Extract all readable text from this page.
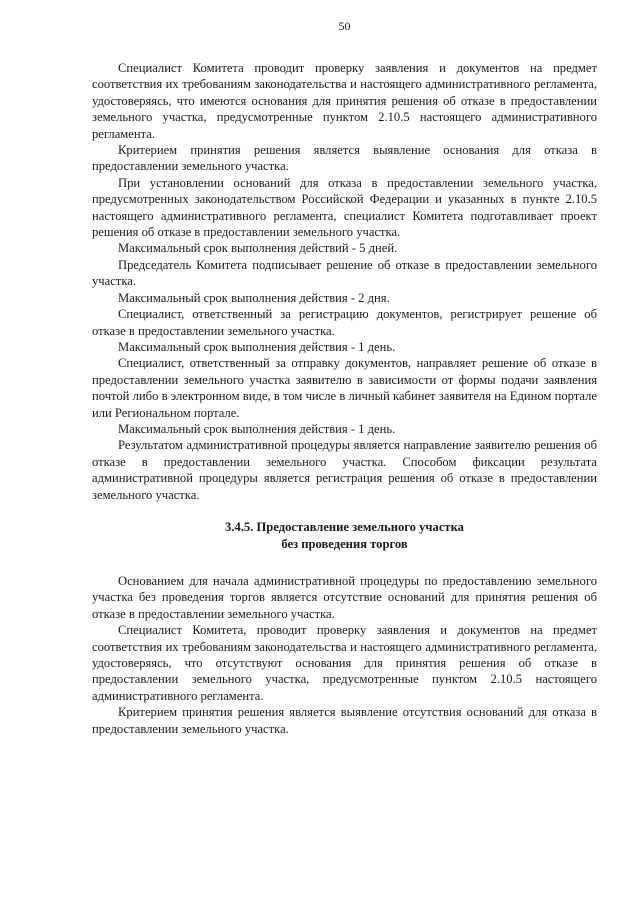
50

Специалист Комитета проводит проверку заявления и документов на предмет соответствия их требованиям законодательства и настоящего административного регламента, удостоверяясь, что имеются основания для принятия решения об отказе в предоставлении земельного участка, предусмотренные пунктом 2.10.5 настоящего административного регламента.

Критерием принятия решения является выявление основания для отказа в предоставлении земельного участка.

При установлении оснований для отказа в предоставлении земельного участка, предусмотренных законодательством Российской Федерации и указанных в пункте 2.10.5 настоящего административного регламента, специалист Комитета подготавливает проект решения об отказе в предоставлении земельного участка.

Максимальный срок выполнения действий - 5 дней.

Председатель Комитета подписывает решение об отказе в предоставлении земельного участка.

Максимальный срок выполнения действия - 2 дня.

Специалист, ответственный за регистрацию документов, регистрирует решение об отказе в предоставлении земельного участка.

Максимальный срок выполнения действия - 1 день.

Специалист, ответственный за отправку документов, направляет решение об отказе в предоставлении земельного участка заявителю в зависимости от формы подачи заявления почтой либо в электронном виде, в том числе в личный кабинет заявителя на Едином портале или Региональном портале.

Максимальный срок выполнения действия - 1 день.

Результатом административной процедуры является направление заявителю решения об отказе в предоставлении земельного участка. Способом фиксации результата административной процедуры является регистрация решения об отказе в предоставлении земельного участка.

3.4.5. Предоставление земельного участка
без проведения торгов

Основанием для начала административной процедуры по предоставлению земельного участка без проведения торгов является отсутствие оснований для принятия решения об отказе в предоставлении земельного участка.

Специалист Комитета, проводит проверку заявления и документов на предмет соответствия их требованиям законодательства и настоящего административного регламента, удостоверяясь, что отсутствуют основания для принятия решения об отказе в предоставлении земельного участка, предусмотренные пунктом 2.10.5 настоящего административного регламента.

Критерием принятия решения является выявление отсутствия оснований для отказа в предоставлении земельного участка.
